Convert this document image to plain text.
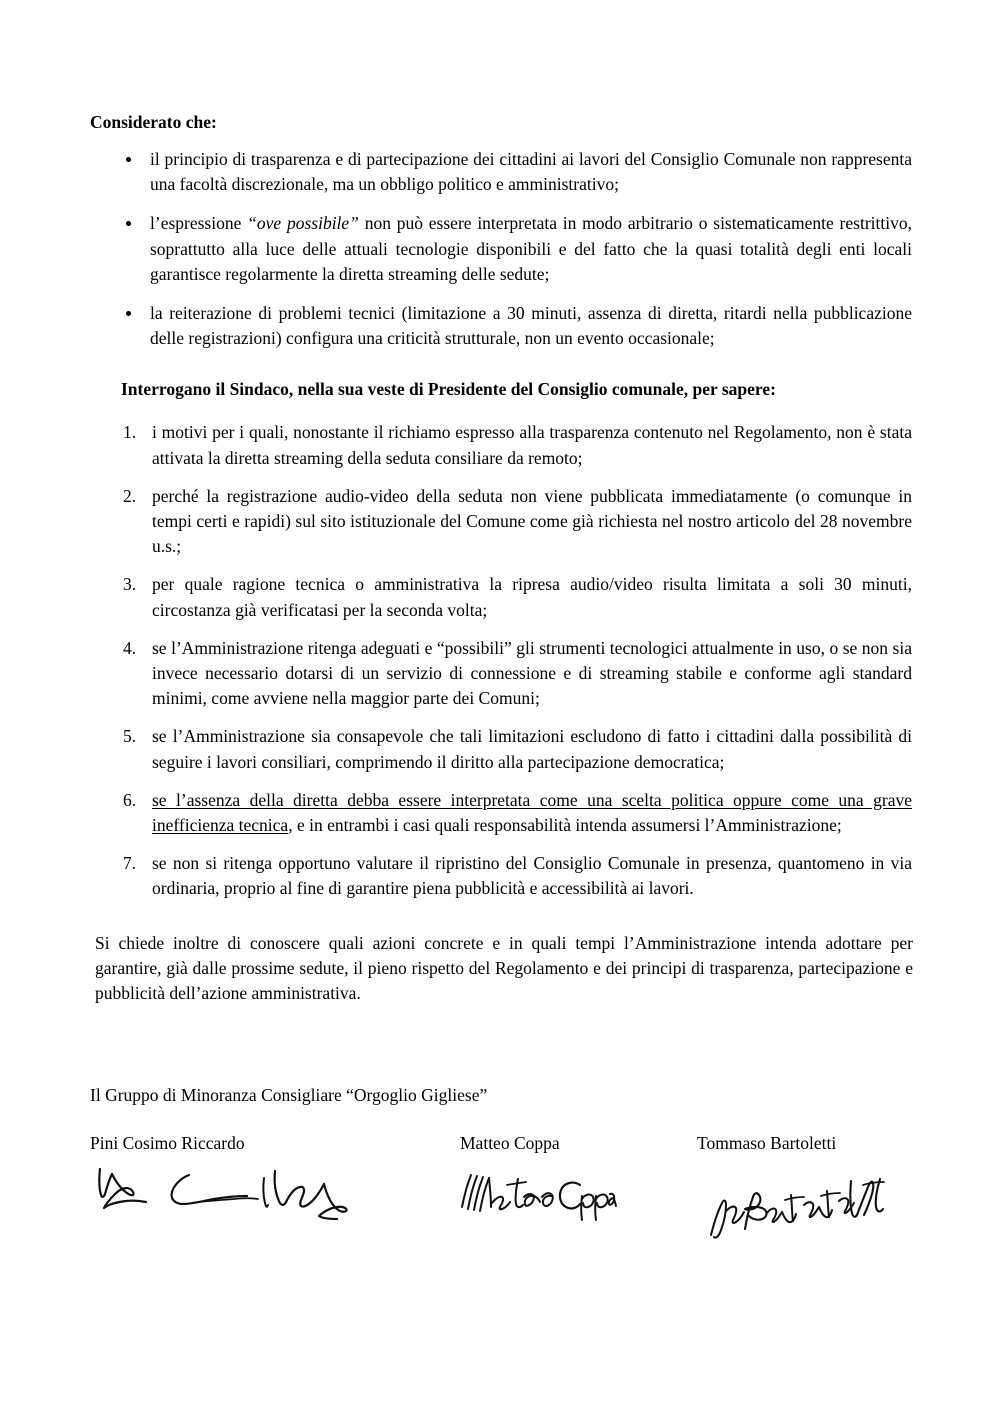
Considerato che:

il principio di trasparenza e di partecipazione dei cittadini ai lavori del Consiglio Comunale non rappresenta una facoltà discrezionale, ma un obbligo politico e amministrativo;
l’espressione “ove possibile” non può essere interpretata in modo arbitrario o sistematicamente restrittivo, soprattutto alla luce delle attuali tecnologie disponibili e del fatto che la quasi totalità degli enti locali garantisce regolarmente la diretta streaming delle sedute;
la reiterazione di problemi tecnici (limitazione a 30 minuti, assenza di diretta, ritardi nella pubblicazione delle registrazioni) configura una criticità strutturale, non un evento occasionale;

Interrogano il Sindaco, nella sua veste di Presidente del Consiglio comunale, per sapere:

1. i motivi per i quali, nonostante il richiamo espresso alla trasparenza contenuto nel Regolamento, non è stata attivata la diretta streaming della seduta consiliare da remoto;
2. perché la registrazione audio-video della seduta non viene pubblicata immediatamente (o comunque in tempi certi e rapidi) sul sito istituzionale del Comune come già richiesta nel nostro articolo del 28 novembre u.s.;
3. per quale ragione tecnica o amministrativa la ripresa audio/video risulta limitata a soli 30 minuti, circostanza già verificatasi per la seconda volta;
4. se l’Amministrazione ritenga adeguati e “possibili” gli strumenti tecnologici attualmente in uso, o se non sia invece necessario dotarsi di un servizio di connessione e di streaming stabile e conforme agli standard minimi, come avviene nella maggior parte dei Comuni;
5. se l’Amministrazione sia consapevole che tali limitazioni escludono di fatto i cittadini dalla possibilità di seguire i lavori consiliari, comprimendo il diritto alla partecipazione democratica;
6. se l’assenza della diretta debba essere interpretata come una scelta politica oppure come una grave inefficienza tecnica, e in entrambi i casi quali responsabilità intenda assumersi l’Amministrazione;
7. se non si ritenga opportuno valutare il ripristino del Consiglio Comunale in presenza, quantomeno in via ordinaria, proprio al fine di garantire piena pubblicità e accessibilità ai lavori.

Si chiede inoltre di conoscere quali azioni concrete e in quali tempi l’Amministrazione intenda adottare per garantire, già dalle prossime sedute, il pieno rispetto del Regolamento e dei principi di trasparenza, partecipazione e pubblicità dell’azione amministrativa.

Il Gruppo di Minoranza Consigliare “Orgoglio Gigliese”

Pini Cosimo Riccardo	Matteo Coppa	Tommaso Bartoletti
